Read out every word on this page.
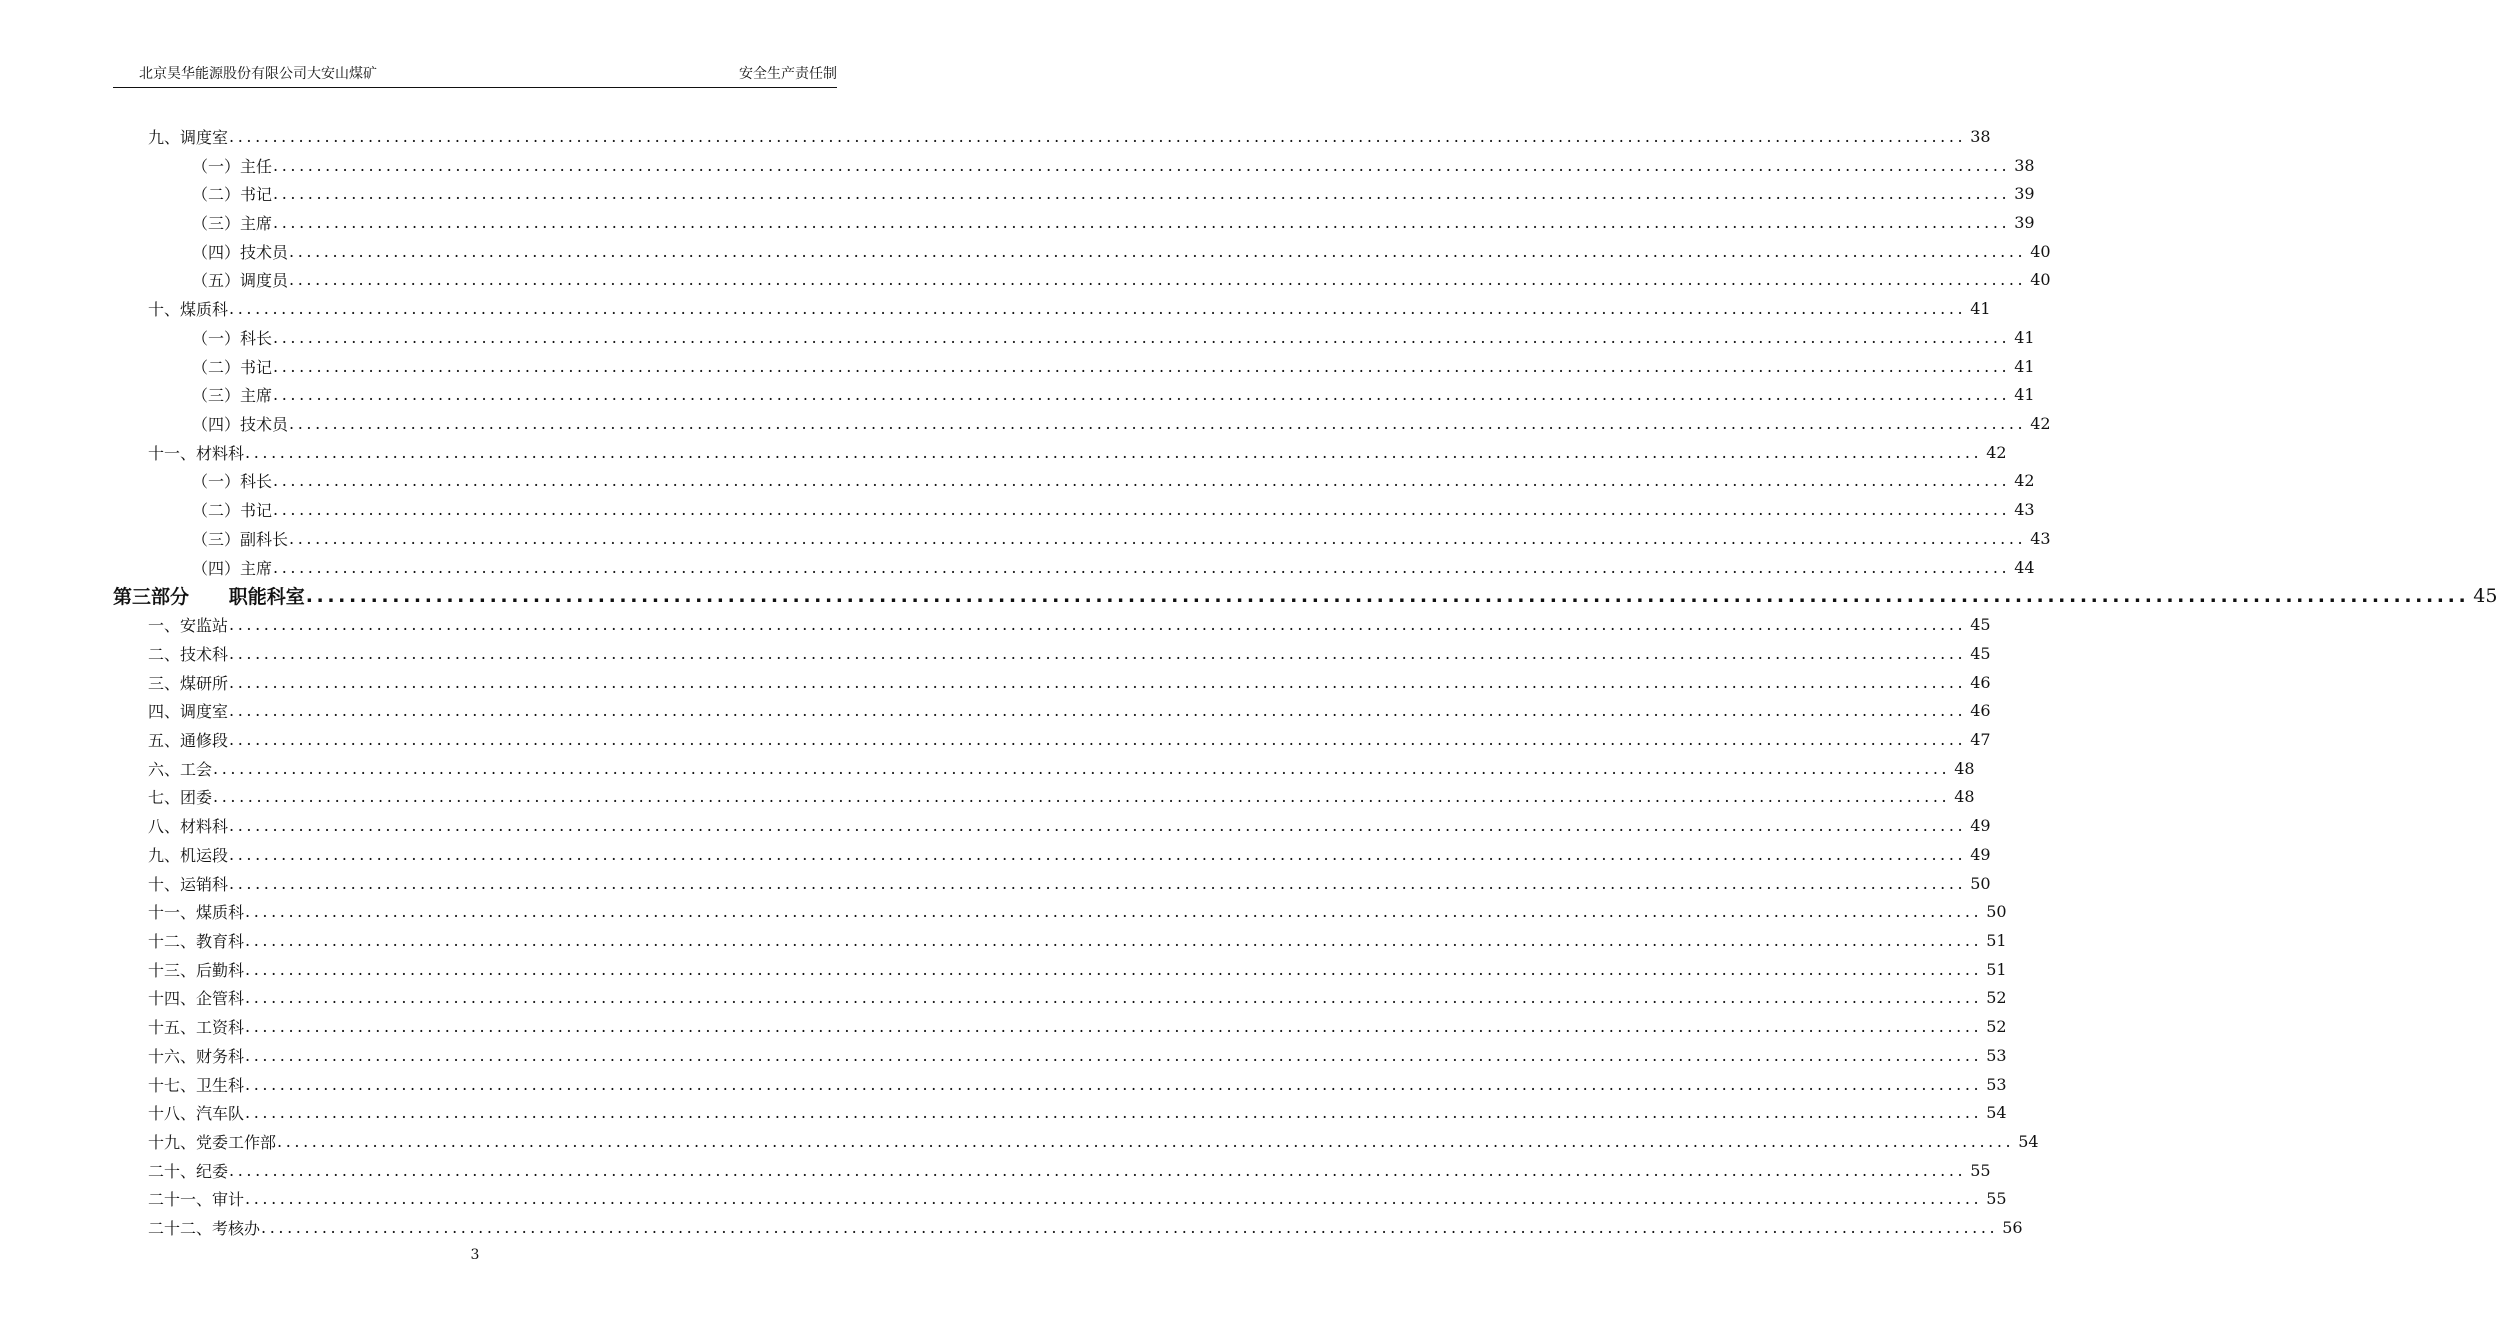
北京昊华能源股份有限公司大安山煤矿	安全生产责任制
九、调度室 ........................................................................................................................................................................................................ 38
（一）主任 ........................................................................................................................................................................................................ 38
（二）书记 ........................................................................................................................................................................................................ 39
（三）主席 ........................................................................................................................................................................................................ 39
（四）技术员 ........................................................................................................................................................................................................ 40
（五）调度员 ........................................................................................................................................................................................................ 40
十、煤质科 ........................................................................................................................................................................................................ 41
（一）科长 ........................................................................................................................................................................................................ 41
（二）书记 ........................................................................................................................................................................................................ 41
（三）主席 ........................................................................................................................................................................................................ 41
（四）技术员 ........................................................................................................................................................................................................ 42
十一、材料科 ........................................................................................................................................................................................................ 42
（一）科长 ........................................................................................................................................................................................................ 42
（二）书记 ........................................................................................................................................................................................................ 43
（三）副科长 ........................................................................................................................................................................................................ 43
（四）主席 ........................................................................................................................................................................................................ 44
第三部分      职能科室 ........................................................................................................................................................................................................ 45
一、安监站 ........................................................................................................................................................................................................ 45
二、技术科 ........................................................................................................................................................................................................ 45
三、煤研所 ........................................................................................................................................................................................................ 46
四、调度室 ........................................................................................................................................................................................................ 46
五、通修段 ........................................................................................................................................................................................................ 47
六、工会 ........................................................................................................................................................................................................ 48
七、团委 ........................................................................................................................................................................................................ 48
八、材料科 ........................................................................................................................................................................................................ 49
九、机运段 ........................................................................................................................................................................................................ 49
十、运销科 ........................................................................................................................................................................................................ 50
十一、煤质科 ........................................................................................................................................................................................................ 50
十二、教育科 ........................................................................................................................................................................................................ 51
十三、后勤科 ........................................................................................................................................................................................................ 51
十四、企管科 ........................................................................................................................................................................................................ 52
十五、工资科 ........................................................................................................................................................................................................ 52
十六、财务科 ........................................................................................................................................................................................................ 53
十七、卫生科 ........................................................................................................................................................................................................ 53
十八、汽车队 ........................................................................................................................................................................................................ 54
十九、党委工作部 ........................................................................................................................................................................................................ 54
二十、纪委 ........................................................................................................................................................................................................ 55
二十一、审计 ........................................................................................................................................................................................................ 55
二十二、考核办 ........................................................................................................................................................................................................ 56
3
